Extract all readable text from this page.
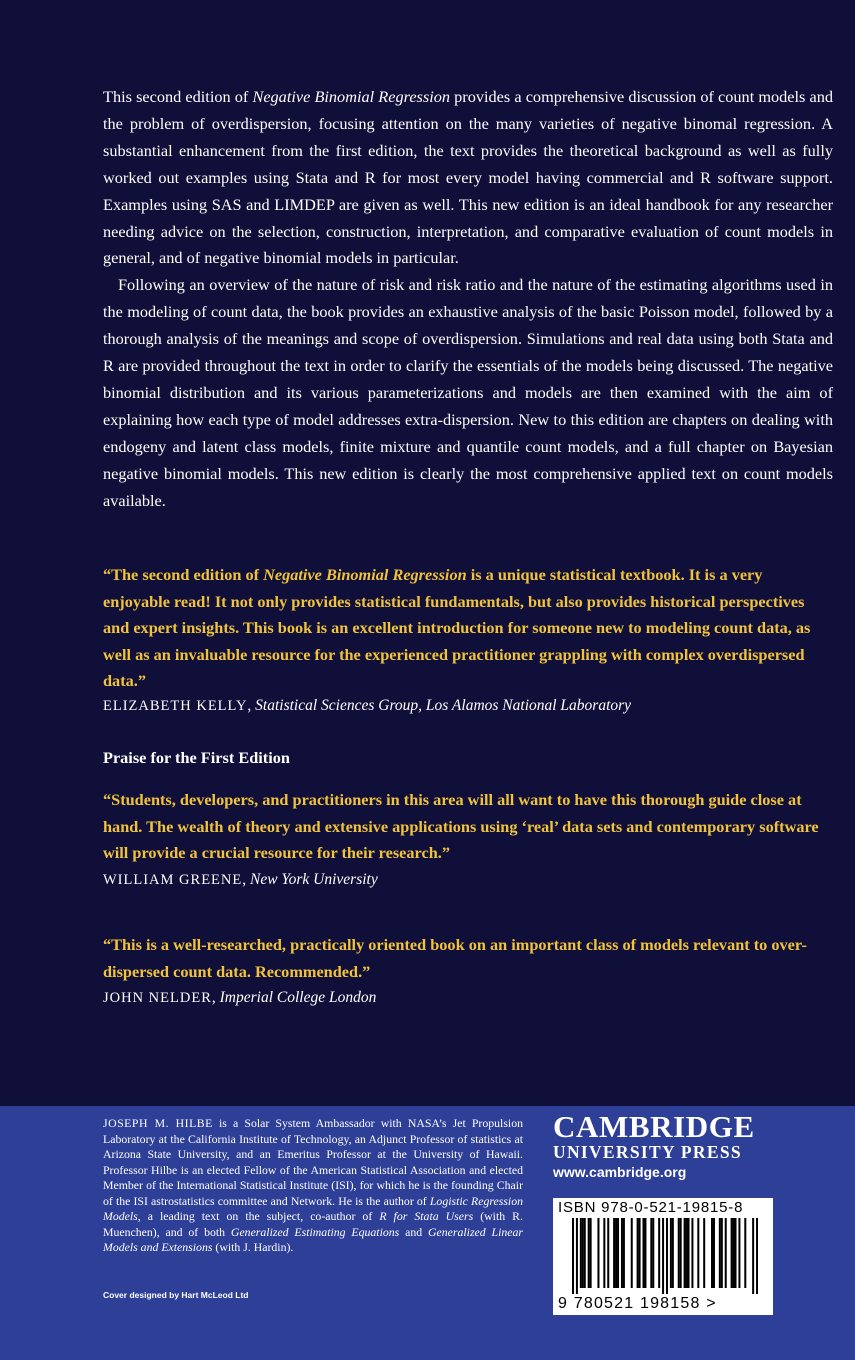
This second edition of Negative Binomial Regression provides a comprehensive discussion of count models and the problem of overdispersion, focusing attention on the many varieties of negative binomal regression. A substantial enhancement from the first edition, the text provides the theoretical background as well as fully worked out examples using Stata and R for most every model having commercial and R software support. Examples using SAS and LIMDEP are given as well. This new edition is an ideal handbook for any researcher needing advice on the selection, construction, interpretation, and comparative evaluation of count models in general, and of negative binomial models in particular.

Following an overview of the nature of risk and risk ratio and the nature of the estimating algorithms used in the modeling of count data, the book provides an exhaustive analysis of the basic Poisson model, followed by a thorough analysis of the meanings and scope of overdispersion. Simulations and real data using both Stata and R are provided throughout the text in order to clarify the essentials of the models being discussed. The negative binomial distribution and its various parameterizations and models are then examined with the aim of explaining how each type of model addresses extra-dispersion. New to this edition are chapters on dealing with endogeny and latent class models, finite mixture and quantile count models, and a full chapter on Bayesian negative binomial models. This new edition is clearly the most comprehensive applied text on count models available.

“The second edition of Negative Binomial Regression is a unique statistical textbook. It is a very enjoyable read! It not only provides statistical fundamentals, but also provides historical perspectives and expert insights. This book is an excellent introduction for someone new to modeling count data, as well as an invaluable resource for the experienced practitioner grappling with complex overdispersed data.”
ELIZABETH KELLY, Statistical Sciences Group, Los Alamos National Laboratory
Praise for the First Edition
“Students, developers, and practitioners in this area will all want to have this thorough guide close at hand. The wealth of theory and extensive applications using ‘real’ data sets and contemporary software will provide a crucial resource for their research.”
WILLIAM GREENE, New York University
“This is a well-researched, practically oriented book on an important class of models relevant to over-dispersed count data. Recommended.”
JOHN NELDER, Imperial College London
JOSEPH M. HILBE is a Solar System Ambassador with NASA’s Jet Propulsion Laboratory at the California Institute of Technology, an Adjunct Professor of statistics at Arizona State University, and an Emeritus Professor at the University of Hawaii. Professor Hilbe is an elected Fellow of the American Statistical Association and elected Member of the International Statistical Institute (ISI), for which he is the founding Chair of the ISI astrostatistics committee and Network. He is the author of Logistic Regression Models, a leading text on the subject, co-author of R for Stata Users (with R. Muenchen), and of both Generalized Estimating Equations and Generalized Linear Models and Extensions (with J. Hardin).
Cover designed by Hart McLeod Ltd
CAMBRIDGE
UNIVERSITY PRESS
www.cambridge.org
ISBN 978-0-521-19815-8
9 780521 198158 >
